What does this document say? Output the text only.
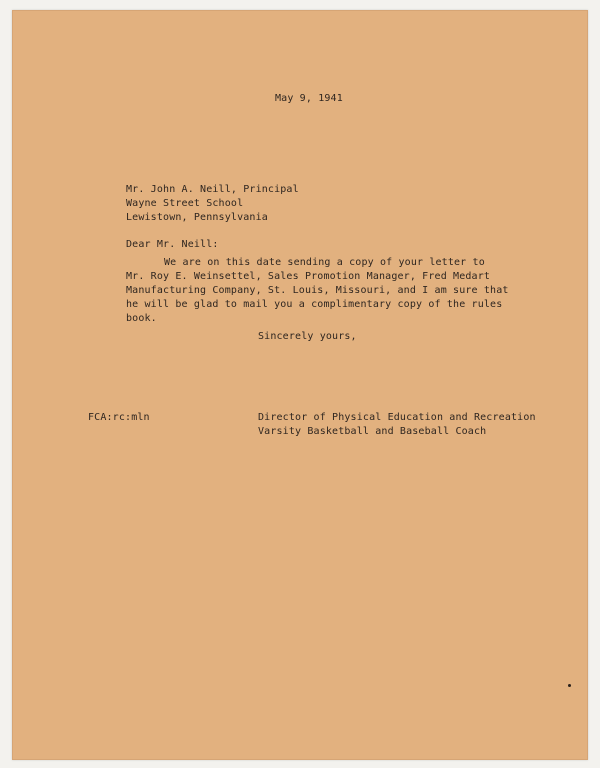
May 9, 1941
Mr. John A. Neill, Principal
Wayne Street School
Lewistown, Pennsylvania
Dear Mr. Neill:

We are on this date sending a copy of your letter to

Mr. Roy E. Weinsettel, Sales Promotion Manager, Fred Medart

Manufacturing Company, St. Louis, Missouri, and I am sure that

he will be glad to mail you a complimentary copy of the rules

book.

Sincerely yours,
FCA:rc:mln	Director of Physical Education and Recreation
Varsity Basketball and Baseball Coach
